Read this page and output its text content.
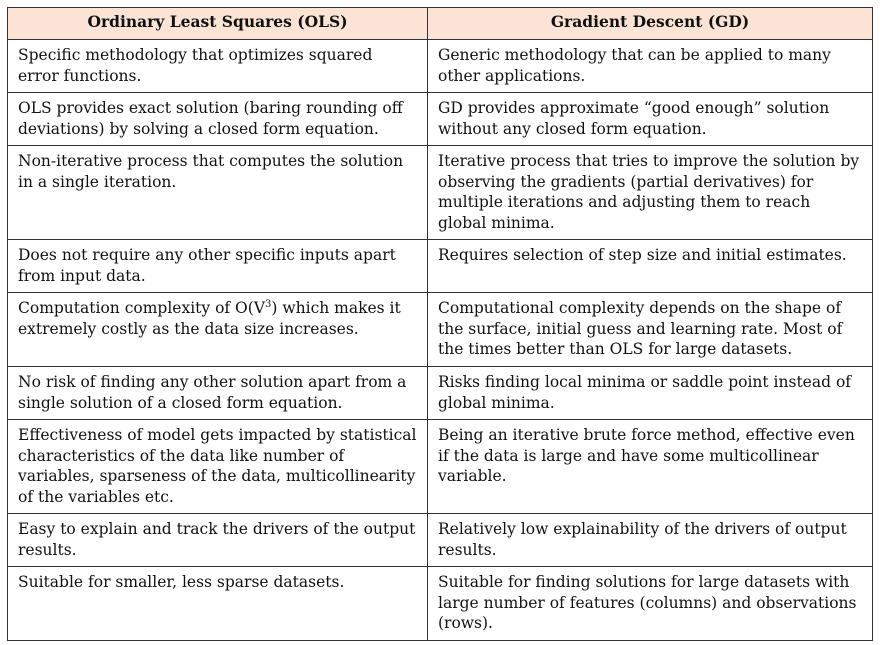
Ordinary Least Squares (OLS)	Gradient Descent (GD)
Specific methodology that optimizes squared error functions.	Generic methodology that can be applied to many other applications.
OLS provides exact solution (baring rounding off deviations) by solving a closed form equation.	GD provides approximate “good enough” solution without any closed form equation.
Non-iterative process that computes the solution in a single iteration.	Iterative process that tries to improve the solution by observing the gradients (partial derivatives) for multiple iterations and adjusting them to reach global minima.
Does not require any other specific inputs apart from input data.	Requires selection of step size and initial estimates.
Computation complexity of $O(V^3)$ which makes it extremely costly as the data size increases.	Computational complexity depends on the shape of the surface, initial guess and learning rate. Most of the times better than OLS for large datasets.
No risk of finding any other solution apart from a single solution of a closed form equation.	Risks finding local minima or saddle point instead of global minima.
Effectiveness of model gets impacted by statistical characteristics of the data like number of variables, sparseness of the data, multicollinearity of the variables etc.	Being an iterative brute force method, effective even if the data is large and have some multicollinear variable.
Easy to explain and track the drivers of the output results.	Relatively low explainability of the drivers of output results.
Suitable for smaller, less sparse datasets.	Suitable for finding solutions for large datasets with large number of features (columns) and observations (rows).
